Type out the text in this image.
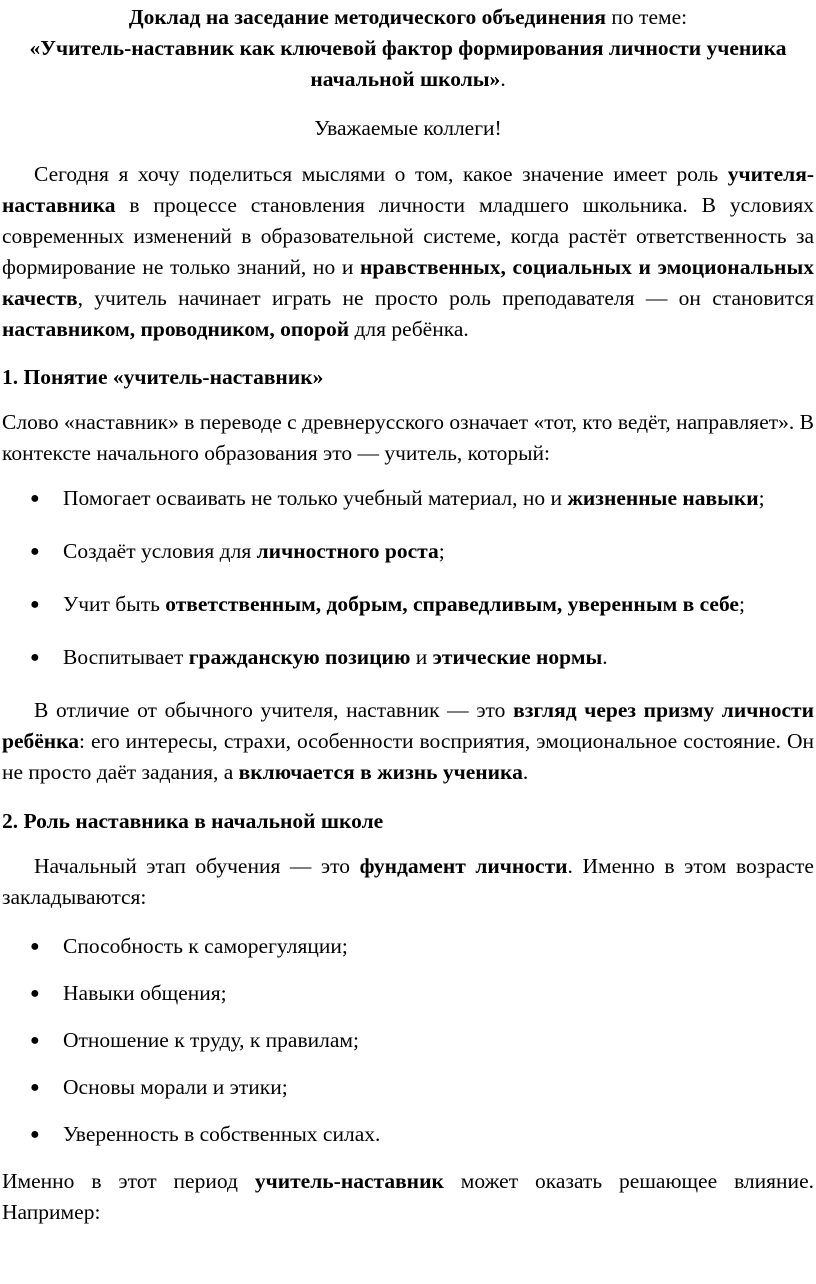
Доклад на заседание методического объединения по теме:
«Учитель-наставник как ключевой фактор формирования личности ученика начальной школы».
Уважаемые коллеги!

Сегодня я хочу поделиться мыслями о том, какое значение имеет роль учителя-наставника в процессе становления личности младшего школьника. В условиях современных изменений в образовательной системе, когда растёт ответственность за формирование не только знаний, но и нравственных, социальных и эмоциональных качеств, учитель начинает играть не просто роль преподавателя — он становится наставником, проводником, опорой для ребёнка.

1. Понятие «учитель-наставник»

Слово «наставник» в переводе с древнерусского означает «тот, кто ведёт, направляет». В контексте начального образования это — учитель, который:

● Помогает осваивать не только учебный материал, но и жизненные навыки;
● Создаёт условия для личностного роста;
● Учит быть ответственным, добрым, справедливым, уверенным в себе;
● Воспитывает гражданскую позицию и этические нормы.

В отличие от обычного учителя, наставник — это взгляд через призму личности ребёнка: его интересы, страхи, особенности восприятия, эмоциональное состояние. Он не просто даёт задания, а включается в жизнь ученика.

2. Роль наставника в начальной школе

Начальный этап обучения — это фундамент личности. Именно в этом возрасте закладываются:

● Способность к саморегуляции;
● Навыки общения;
● Отношение к труду, к правилам;
● Основы морали и этики;
● Уверенность в собственных силах.

Именно в этот период учитель-наставник может оказать решающее влияние. Например:
